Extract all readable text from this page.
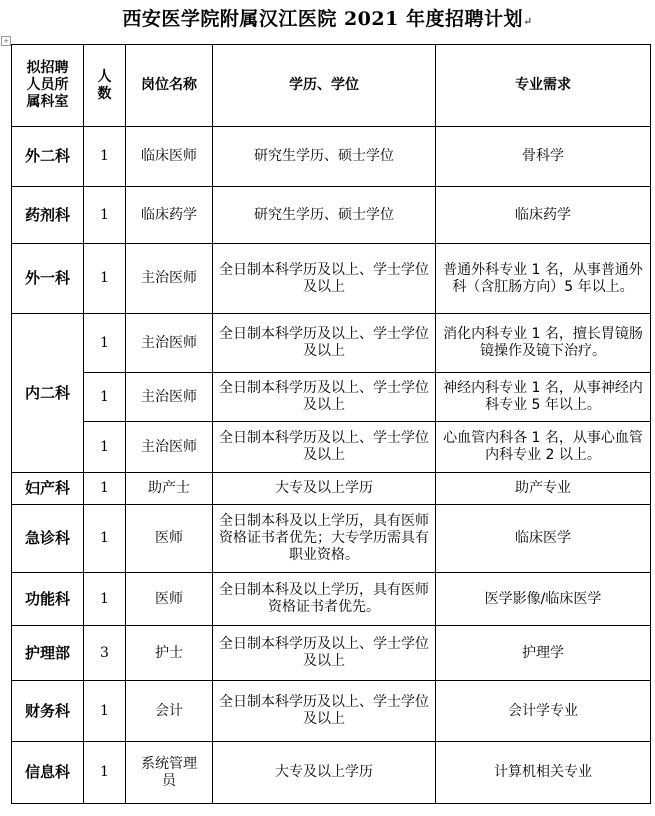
西安医学院附属汉江医院 2021 年度招聘计划↵
+
拟招聘人员所属科室	人数	岗位名称	学历、学位	专业需求
外二科	1	临床医师	研究生学历、硕士学位	骨科学
药剂科	1	临床药学	研究生学历、硕士学位	临床药学
外一科	1	主治医师	全日制本科学历及以上、学士学位及以上	普通外科专业 1 名，从事普通外科（含肛肠方向）5 年以上。
内二科	1	主治医师	全日制本科学历及以上、学士学位及以上	消化内科专业 1 名，擅长胃镜肠镜操作及镜下治疗。
	1	主治医师	全日制本科学历及以上、学士学位及以上	神经内科专业 1 名，从事神经内科专业 5 年以上。
	1	主治医师	全日制本科学历及以上、学士学位及以上	心血管内科各 1 名，从事心血管内科专业 2 以上。
妇产科	1	助产士	大专及以上学历	助产专业
急诊科	1	医师	全日制本科及以上学历，具有医师资格证书者优先；大专学历需具有职业资格。	临床医学
功能科	1	医师	全日制本科及以上学历，具有医师资格证书者优先。	医学影像/临床医学
护理部	3	护士	全日制本科学历及以上、学士学位及以上	护理学
财务科	1	会计	全日制本科学历及以上、学士学位及以上	会计学专业
信息科	1	系统管理员	大专及以上学历	计算机相关专业
